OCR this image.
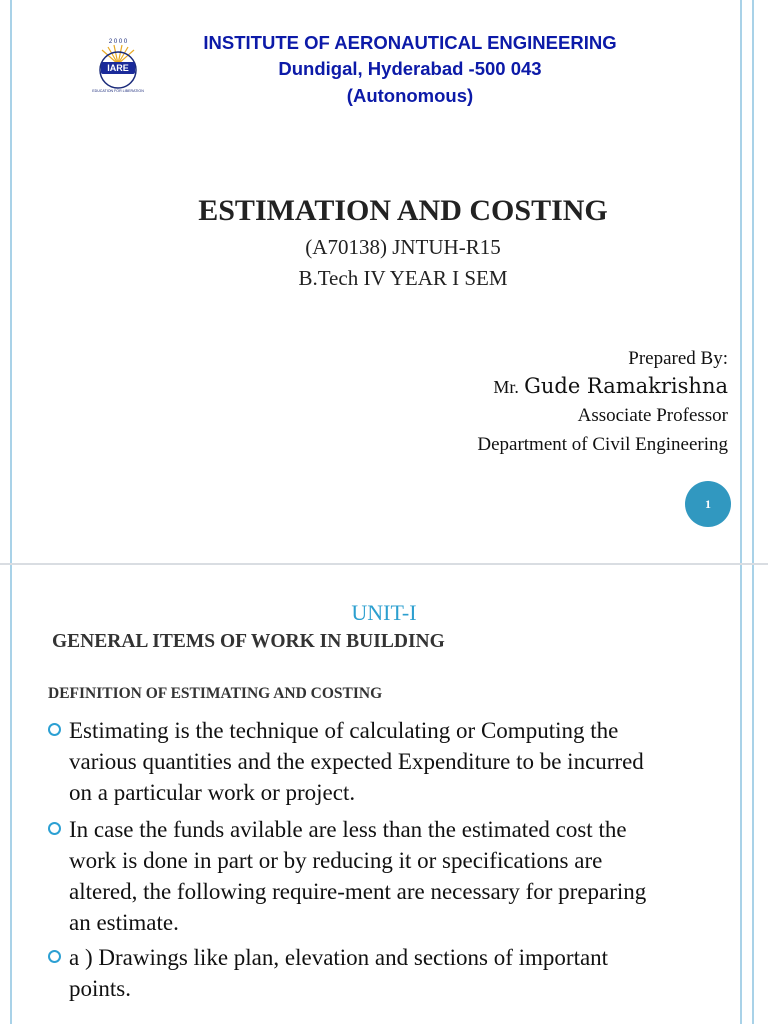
2 0 0 0
IARE
EDUCATION FOR LIBERATION
INSTITUTE OF AERONAUTICAL ENGINEERING
Dundigal, Hyderabad -500 043
(Autonomous)
ESTIMATION AND COSTING
(A70138) JNTUH-R15
B.Tech IV YEAR I SEM
Prepared By:
Mr. Gude Ramakrishna
Associate Professor
Department of Civil Engineering
1
UNIT-I
GENERAL ITEMS OF WORK IN BUILDING
DEFINITION OF ESTIMATING AND COSTING
Estimating is the technique of calculating or Computing the various quantities and the expected Expenditure to be incurred on a particular work or project.
In case the funds avilable are less than the estimated cost the work is done in part or by reducing it or specifications are altered, the following require-ment are necessary for preparing an estimate.
a ) Drawings like plan, elevation and sections of important points.
